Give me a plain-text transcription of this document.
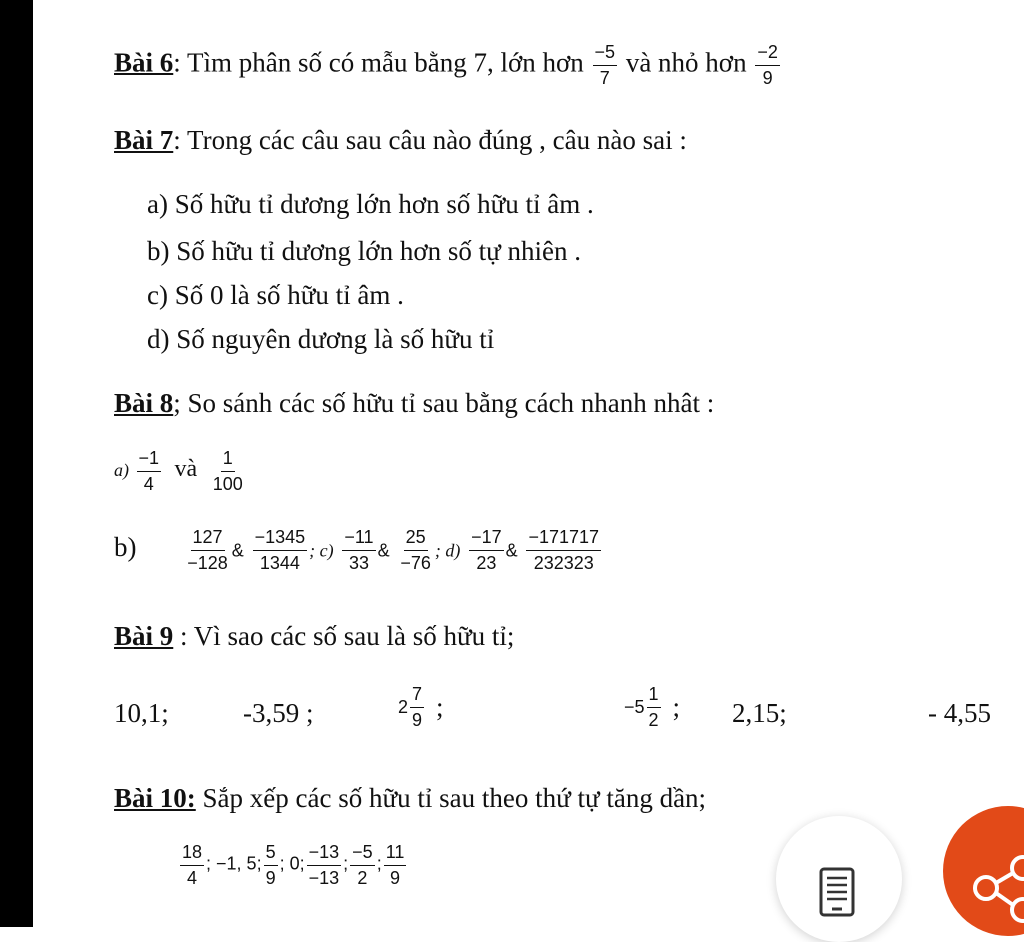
Bài 6: Tìm phân số có mẫu bằng 7, lớn hơn $\frac{-5}{7}$ và nhỏ hơn $\frac{-2}{9}$
Bài 7: Trong các câu sau câu nào đúng , câu nào sai :
a) Số hữu tỉ dương lớn hơn số hữu tỉ âm .
b) Số hữu tỉ dương lớn hơn số tự nhiên .
c) Số 0 là số hữu tỉ âm .
d) Số nguyên dương là số hữu tỉ
Bài 8; So sánh các số hữu tỉ sau bằng cách nhanh nhât :
$a) \frac{-1}{4}$ và $\frac{1}{100}$
b)	$\frac{127}{-128}$ & $\frac{-1345}{1344}$ ; $c) \frac{-11}{33}$ & $\frac{25}{-76}$ ; $d) \frac{-17}{23}$ & $\frac{-171717}{232323}$
Bài 9 : Vì sao các số sau là số hữu tỉ;
10,1;	-3,59 ;	$2 \frac{7}{9}$ ;	$-5 \frac{1}{2}$ ; 2,15;	- 4,55
Bài 10: Sắp xếp các số hữu tỉ sau theo thứ tự tăng dần;
$\frac{18}{4}$ ; −1, 5; $\frac{5}{9}$ ; 0; $\frac{-13}{-13}$ ; $\frac{-5}{2}$ ; $\frac{11}{9}$
